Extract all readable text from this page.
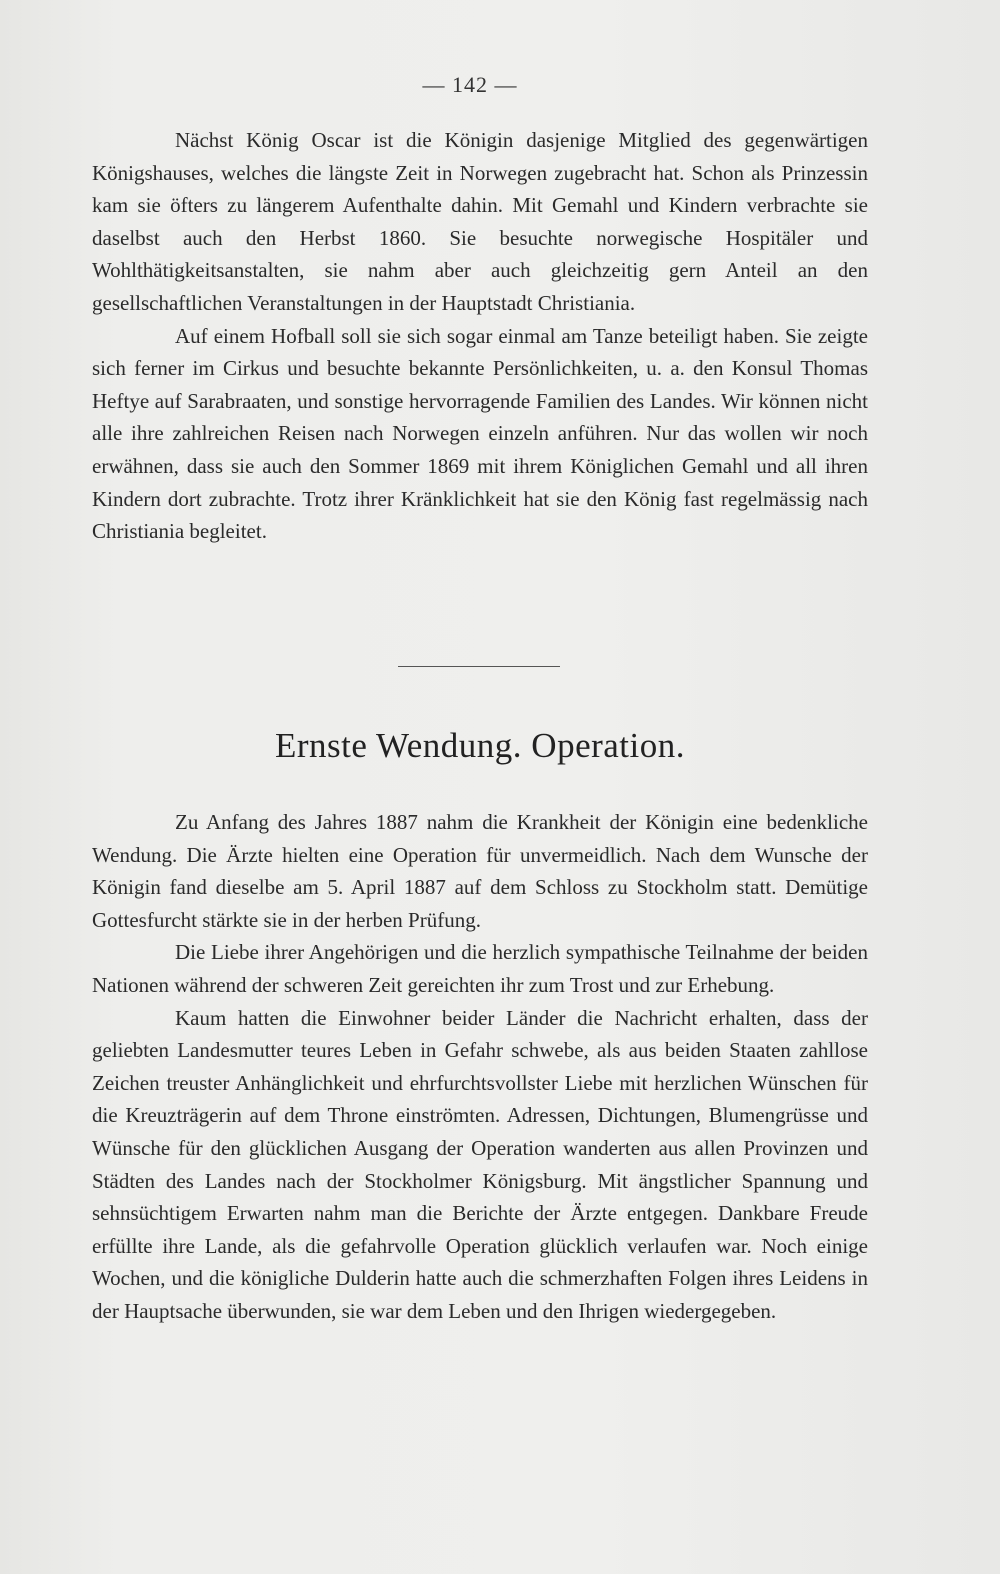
— 142 —

Nächst König Oscar ist die Königin dasjenige Mitglied des gegenwärtigen Königshauses, welches die längste Zeit in Norwegen zugebracht hat. Schon als Prinzessin kam sie öfters zu längerem Aufenthalte dahin. Mit Gemahl und Kindern verbrachte sie daselbst auch den Herbst 1860. Sie besuchte norwegische Hospitäler und Wohlthätigkeitsanstalten, sie nahm aber auch gleichzeitig gern Anteil an den gesellschaftlichen Veranstaltungen in der Hauptstadt Christiania.

Auf einem Hofball soll sie sich sogar einmal am Tanze beteiligt haben. Sie zeigte sich ferner im Cirkus und besuchte bekannte Persönlichkeiten, u. a. den Konsul Thomas Heftye auf Sarabraaten, und sonstige hervorragende Familien des Landes. Wir können nicht alle ihre zahlreichen Reisen nach Norwegen einzeln anführen. Nur das wollen wir noch erwähnen, dass sie auch den Sommer 1869 mit ihrem Königlichen Gemahl und all ihren Kindern dort zubrachte. Trotz ihrer Kränklichkeit hat sie den König fast regelmässig nach Christiania begleitet.

Ernste Wendung. Operation.

Zu Anfang des Jahres 1887 nahm die Krankheit der Königin eine bedenkliche Wendung. Die Ärzte hielten eine Operation für unvermeidlich. Nach dem Wunsche der Königin fand dieselbe am 5. April 1887 auf dem Schloss zu Stockholm statt. Demütige Gottesfurcht stärkte sie in der herben Prüfung.

Die Liebe ihrer Angehörigen und die herzlich sympathische Teilnahme der beiden Nationen während der schweren Zeit gereichten ihr zum Trost und zur Erhebung.

Kaum hatten die Einwohner beider Länder die Nachricht erhalten, dass der geliebten Landesmutter teures Leben in Gefahr schwebe, als aus beiden Staaten zahllose Zeichen treuster Anhänglichkeit und ehrfurchtsvollster Liebe mit herzlichen Wünschen für die Kreuzträgerin auf dem Throne einströmten. Adressen, Dichtungen, Blumengrüsse und Wünsche für den glücklichen Ausgang der Operation wanderten aus allen Provinzen und Städten des Landes nach der Stockholmer Königsburg. Mit ängstlicher Spannung und sehnsüchtigem Erwarten nahm man die Berichte der Ärzte entgegen. Dankbare Freude erfüllte ihre Lande, als die gefahrvolle Operation glücklich verlaufen war. Noch einige Wochen, und die königliche Dulderin hatte auch die schmerzhaften Folgen ihres Leidens in der Hauptsache überwunden, sie war dem Leben und den Ihrigen wiedergegeben.
